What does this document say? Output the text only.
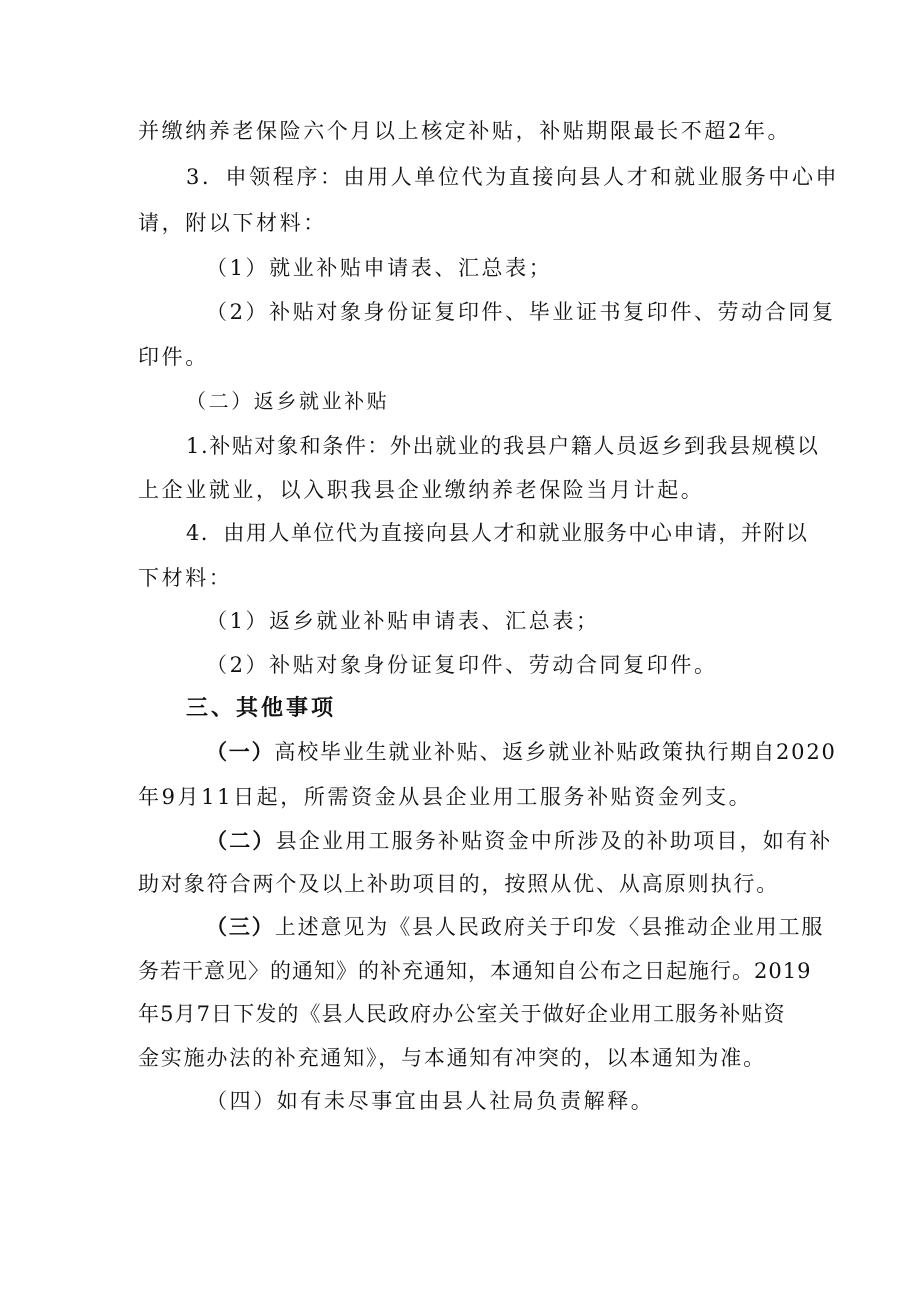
并缴纳养老保险六个月以上核定补贴，补贴期限最长不超2年。
3．申领程序：由用人单位代为直接向县人才和就业服务中心申
请，附以下材料：
（1）就业补贴申请表、汇总表；
（2）补贴对象身份证复印件、毕业证书复印件、劳动合同复
印件。
（二）返乡就业补贴
1.补贴对象和条件：外出就业的我县户籍人员返乡到我县规模以
上企业就业，以入职我县企业缴纳养老保险当月计起。
4．由用人单位代为直接向县人才和就业服务中心申请，并附以
下材料：
（1）返乡就业补贴申请表、汇总表；
（2）补贴对象身份证复印件、劳动合同复印件。
三、其他事项
（一）高校毕业生就业补贴、返乡就业补贴政策执行期自2020
年9月11日起，所需资金从县企业用工服务补贴资金列支。
（二）县企业用工服务补贴资金中所涉及的补助项目，如有补
助对象符合两个及以上补助项目的，按照从优、从高原则执行。
（三）上述意见为《县人民政府关于印发〈县推动企业用工服
务若干意见〉的通知》的补充通知，本通知自公布之日起施行。2019
年5月7日下发的《县人民政府办公室关于做好企业用工服务补贴资
金实施办法的补充通知》，与本通知有冲突的，以本通知为准。
（四）如有未尽事宜由县人社局负责解释。
